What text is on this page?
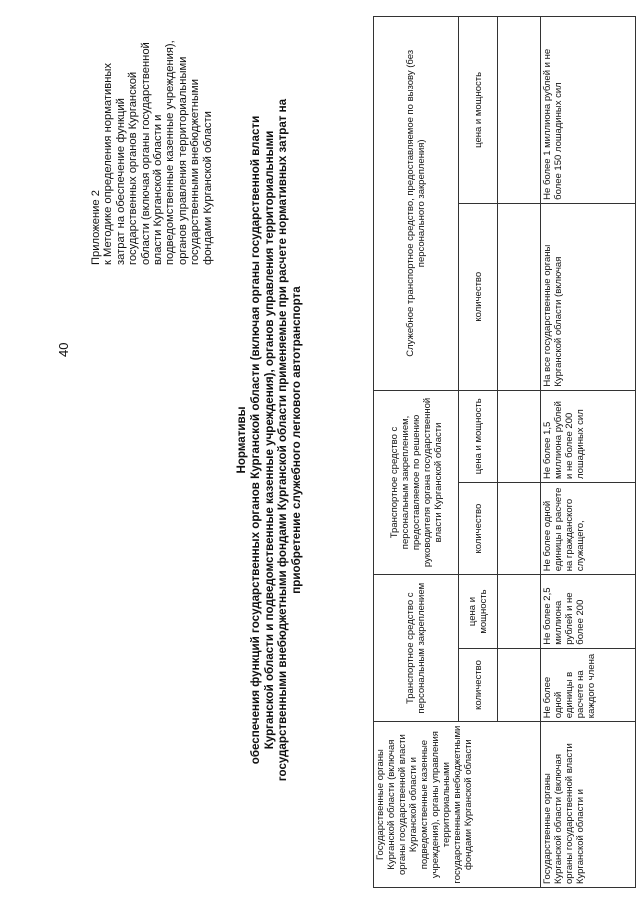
40
Приложение 2 к Методике определения нормативных затрат на обеспечение функций государственных органов Курганской области (включая органы государственной власти Курганской области и подведомственные казенные учреждения), органов управления территориальными государственными внебюджетными фондами Курганской области
Нормативы обеспечения функций государственных органов Курганской области (включая органы государственной власти Курганской области и подведомственные казенные учреждения), органов управления территориальными государственными внебюджетными фондами Курганской области применяемые при расчете нормативных затрат на приобретение служебного легкового автотранспорта
Государственные органы Курганской области (включая органы государственной власти Курганской области и подведомственные казенные учреждения), органы управления территориальными государственными внебюджетными фондами Курганской области	Транспортное средство с персональным закреплением		Транспортное средство с персональным закреплением, предоставляемое по решению руководителя органа государственной власти Курганской области		Служебное транспортное средство, предоставляемое по вызову (без персонального закрепления)	
	количество	цена и мощность	количество	цена и мощность	количество	цена и мощность

Государственные органы Курганской области (включая органы государственной власти Курганской области и	Не более одной единицы в расчете на каждого члена	Не более 2,5 миллиона рублей и не более 200	Не более одной единицы в расчете на гражданского служащего,	Не более 1,5 миллиона рублей и не более 200 лошадиных сил	На все государственные органы Курганской области (включая	Не более 1 миллиона рублей и не более 150 лошадиных сил
